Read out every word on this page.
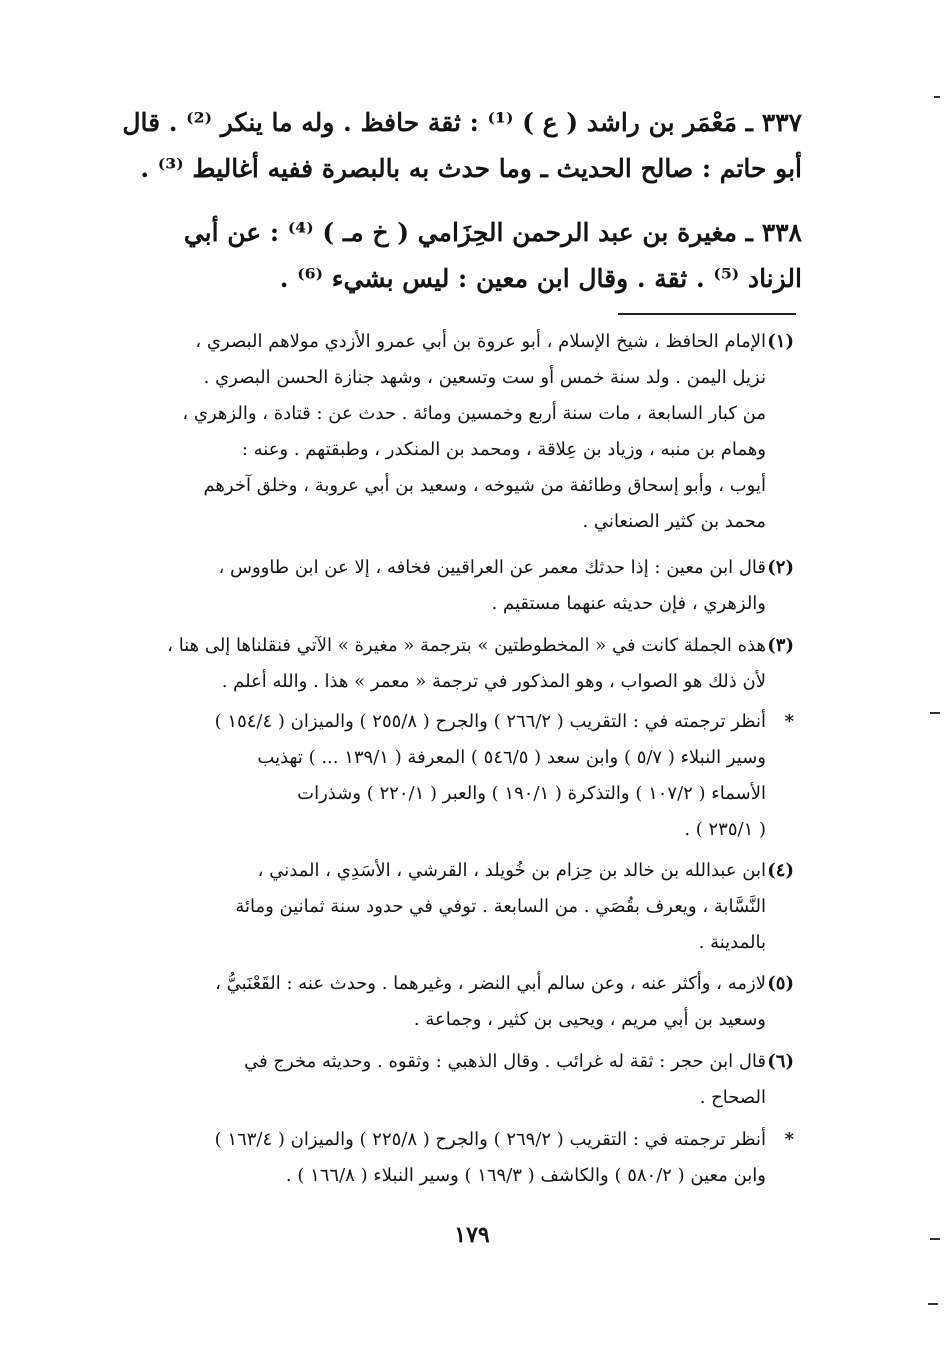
٣٣٧ ـ مَعْمَر بن راشد ( ع ) ⁽¹⁾ : ثقة حافظ . وله ما ينكر ⁽²⁾ . قال
أبو حاتم : صالح الحديث ـ وما حدث به بالبصرة ففيه أغاليط ⁽³⁾ .
٣٣٨ ـ مغيرة بن عبد الرحمن الحِزَامي ( خ مـ ) ⁽⁴⁾ : عن أبي
الزناد ⁽⁵⁾ . ثقة . وقال ابن معين : ليس بشيء ⁽⁶⁾ .
(١)
الإمام الحافظ ، شيخ الإسلام ، أبو عروة بن أبي عمرو الأزدي مولاهم البصري ،
نزيل اليمن . ولد سنة خمس أو ست وتسعين ، وشهد جنازة الحسن البصري .
من كبار السابعة ، مات سنة أربع وخمسين ومائة . حدث عن : قتادة ، والزهري ،
وهمام بن منبه ، وزياد بن عِلاقة ، ومحمد بن المنكدر ، وطبقتهم . وعنه :
أيوب ، وأبو إسحاق وطائفة من شيوخه ، وسعيد بن أبي عروبة ، وخلق آخرهم
محمد بن كثير الصنعاني .
(٢)
قال ابن معين : إذا حدثك معمر عن العراقيين فخافه ، إلا عن ابن طاووس ،
والزهري ، فإن حديثه عنهما مستقيم .
(٣)
هذه الجملة كانت في « المخطوطتين » بترجمة « مغيرة » الآتي فنقلناها إلى هنا ،
لأن ذلك هو الصواب ، وهو المذكور في ترجمة « معمر » هذا . والله أعلم .
*
أنظر ترجمته في : التقريب ( ٢٦٦/٢ ) والجرح ( ٢٥٥/٨ ) والميزان ( ١٥٤/٤ )
وسير النبلاء ( ٥/٧ ) وابن سعد ( ٥٤٦/٥ ) المعرفة ( ١٣٩/١ ... ) تهذيب
الأسماء ( ١٠٧/٢ ) والتذكرة ( ١٩٠/١ ) والعبر ( ٢٢٠/١ ) وشذرات
( ٢٣٥/١ ) .
(٤)
ابن عبدالله بن خالد بن حِزام بن خُويلد ، القرشي ، الأسَدِي ، المدني ،
النَّسَّابة ، ويعرف بقُصَي . من السابعة . توفي في حدود سنة ثمانين ومائة
بالمدينة .
(٥)
لازمه ، وأكثر عنه ، وعن سالم أبي النضر ، وغيرهما . وحدث عنه : القَعْنَبيُّ ،
وسعيد بن أبي مريم ، ويحيى بن كثير ، وجماعة .
(٦)
قال ابن حجر : ثقة له غرائب . وقال الذهبي : وثقوه . وحديثه مخرج في
الصحاح .
*
أنظر ترجمته في : التقريب ( ٢٦٩/٢ ) والجرح ( ٢٢٥/٨ ) والميزان ( ١٦٣/٤ )
وابن معين ( ٥٨٠/٢ ) والكاشف ( ١٦٩/٣ ) وسير النبلاء ( ١٦٦/٨ ) .
١٧٩
